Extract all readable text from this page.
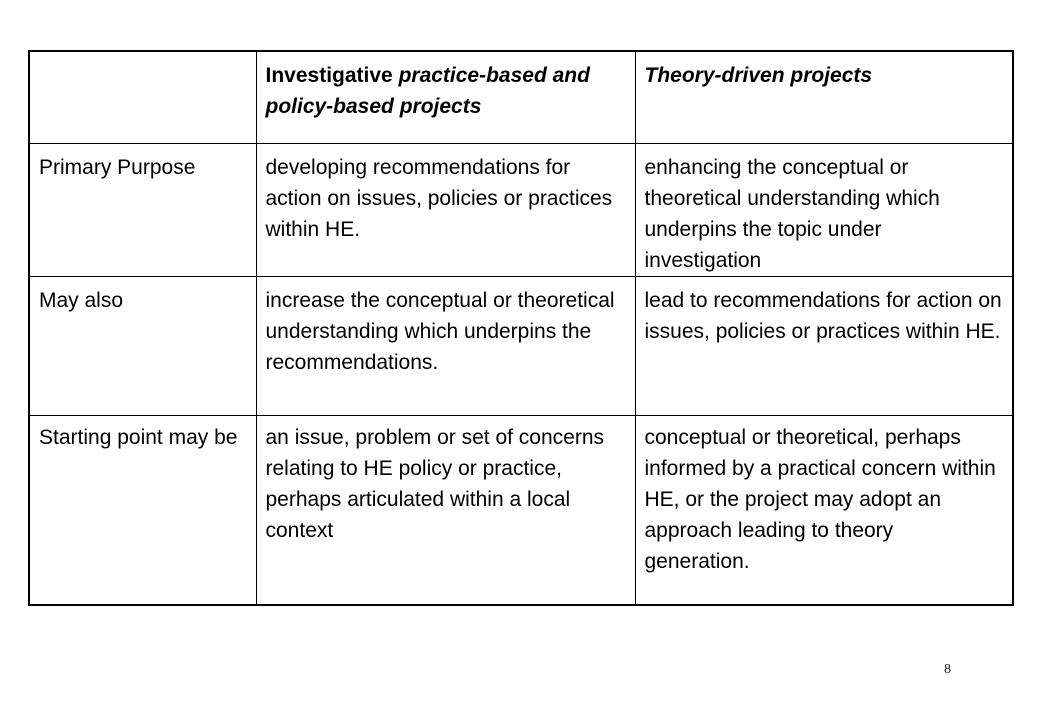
	Investigative practice-based and policy-based projects	Theory-driven projects
Primary Purpose	developing recommendations for action on issues, policies or practices within HE.	enhancing the conceptual or theoretical understanding which underpins the topic under investigation
May also	increase the conceptual or theoretical understanding which underpins the recommendations.	lead to recommendations for action on issues, policies or practices within HE.
Starting point may be	an issue, problem or set of concerns relating to HE policy or practice, perhaps articulated within a local context	conceptual or theoretical, perhaps informed by a practical concern within HE, or the project may adopt an approach leading to theory generation.
8
